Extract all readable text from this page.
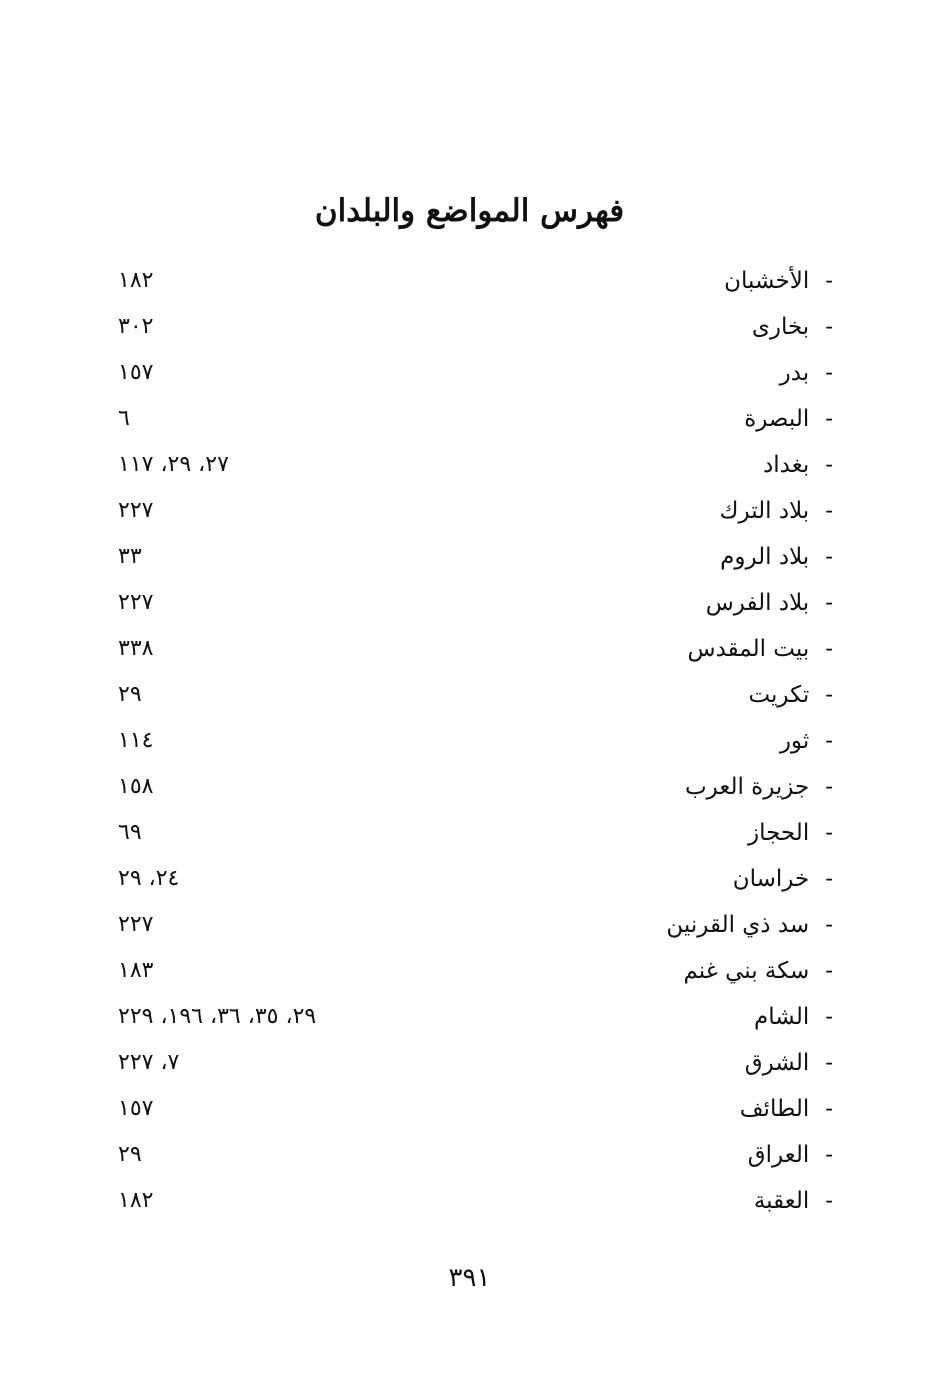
فهرس المواضع والبلدان
-الأخشبان
١٨٢
-بخارى
٣٠٢
-بدر
١٥٧
-البصرة
٦
-بغداد
٢٧، ٢٩، ١١٧
-بلاد الترك
٢٢٧
-بلاد الروم
٣٣
-بلاد الفرس
٢٢٧
-بيت المقدس
٣٣٨
-تكريت
٢٩
-ثور
١١٤
-جزيرة العرب
١٥٨
-الحجاز
٦٩
-خراسان
٢٤، ٢٩
-سد ذي القرنين
٢٢٧
-سكة بني غنم
١٨٣
-الشام
٢٩، ٣٥، ٣٦، ١٩٦، ٢٢٩
-الشرق
٧، ٢٢٧
-الطائف
١٥٧
-العراق
٢٩
-العقبة
١٨٢
٣٩١
